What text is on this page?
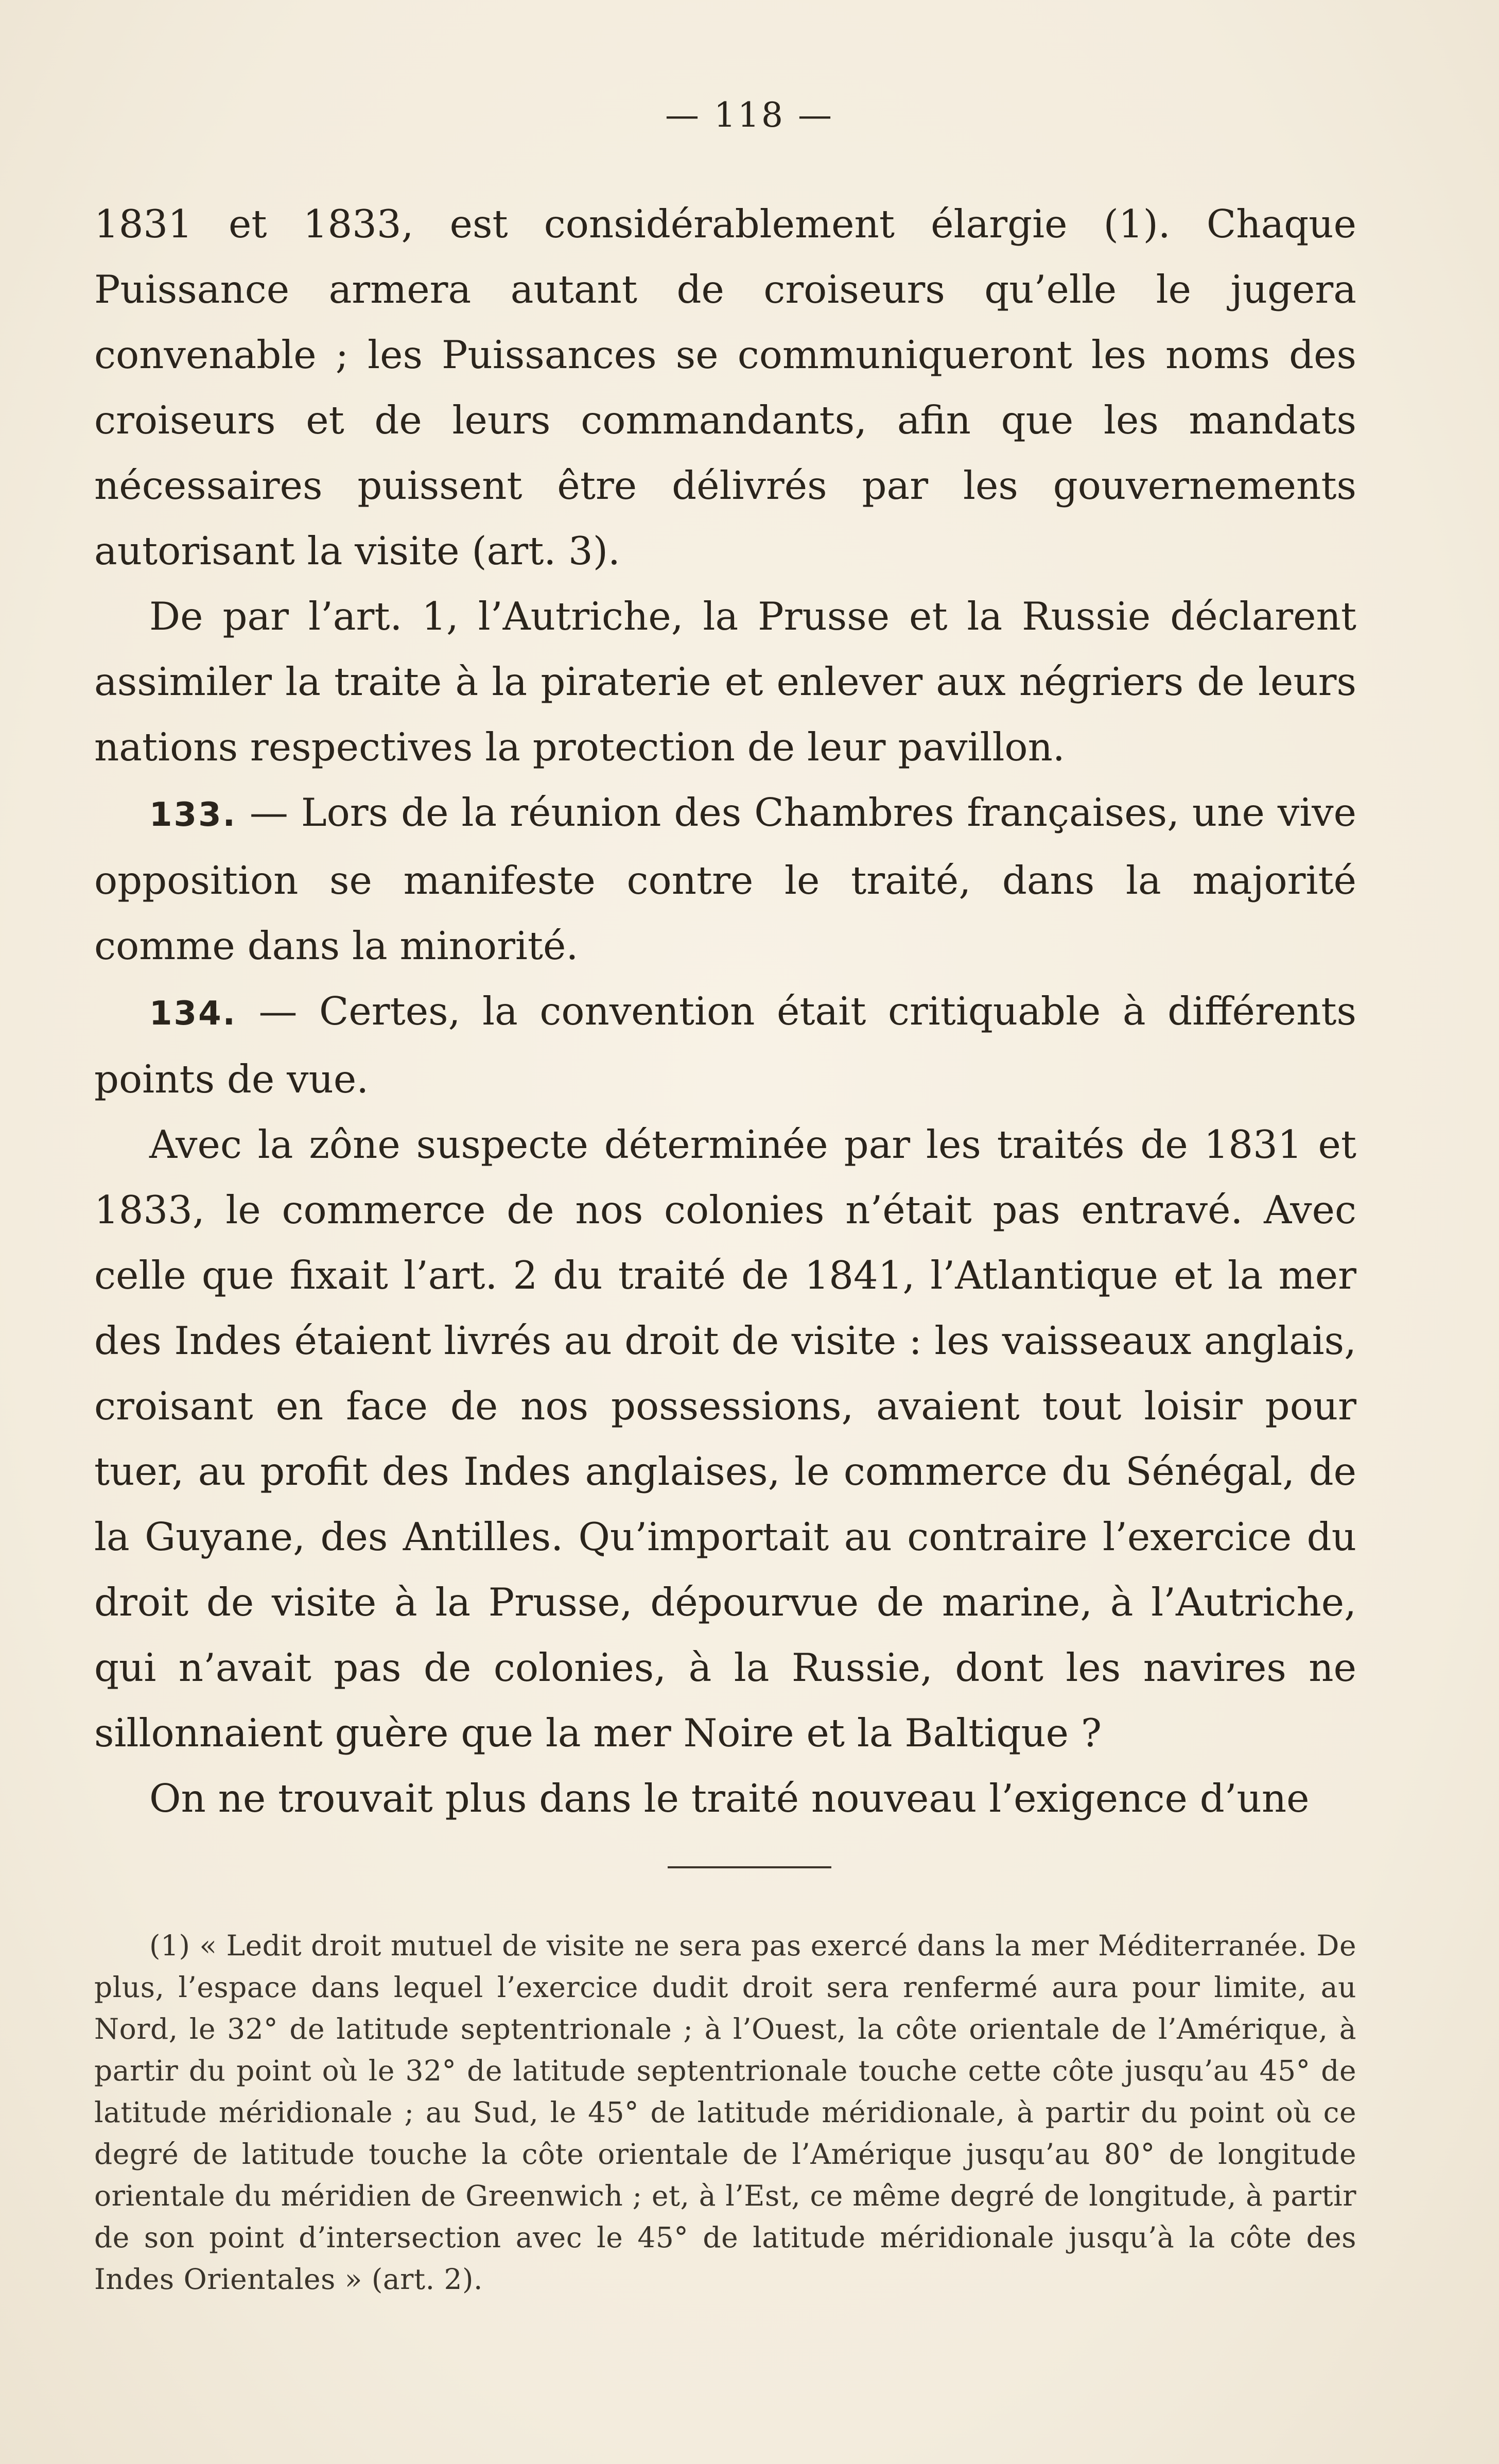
— 118 —

1831 et 1833, est considérablement élargie (1). Chaque Puissance armera autant de croiseurs qu’elle le jugera convenable ; les Puissances se communiqueront les noms des croiseurs et de leurs commandants, afin que les mandats nécessaires puissent être délivrés par les gouvernements autorisant la visite (art. 3).

De par l’art. 1, l’Autriche, la Prusse et la Russie déclarent assimiler la traite à la piraterie et enlever aux négriers de leurs nations respectives la protection de leur pavillon.

133. — Lors de la réunion des Chambres françaises, une vive opposition se manifeste contre le traité, dans la majorité comme dans la minorité.

134. — Certes, la convention était critiquable à différents points de vue.

Avec la zône suspecte déterminée par les traités de 1831 et 1833, le commerce de nos colonies n’était pas entravé. Avec celle que fixait l’art. 2 du traité de 1841, l’Atlantique et la mer des Indes étaient livrés au droit de visite : les vaisseaux anglais, croisant en face de nos possessions, avaient tout loisir pour tuer, au profit des Indes anglaises, le commerce du Sénégal, de la Guyane, des Antilles. Qu’importait au contraire l’exercice du droit de visite à la Prusse, dépourvue de marine, à l’Autriche, qui n’avait pas de colonies, à la Russie, dont les navires ne sillonnaient guère que la mer Noire et la Baltique ?

On ne trouvait plus dans le traité nouveau l’exigence d’une

(1) « Ledit droit mutuel de visite ne sera pas exercé dans la mer Méditerranée. De plus, l’espace dans lequel l’exercice dudit droit sera renfermé aura pour limite, au Nord, le 32° de latitude septentrionale ; à l’Ouest, la côte orientale de l’Amérique, à partir du point où le 32° de latitude septentrionale touche cette côte jusqu’au 45° de latitude méridionale ; au Sud, le 45° de latitude méridionale, à partir du point où ce degré de latitude touche la côte orientale de l’Amérique jusqu’au 80° de longitude orientale du méridien de Greenwich ; et, à l’Est, ce même degré de longitude, à partir de son point d’intersection avec le 45° de latitude méridionale jusqu’à la côte des Indes Orientales » (art. 2).
